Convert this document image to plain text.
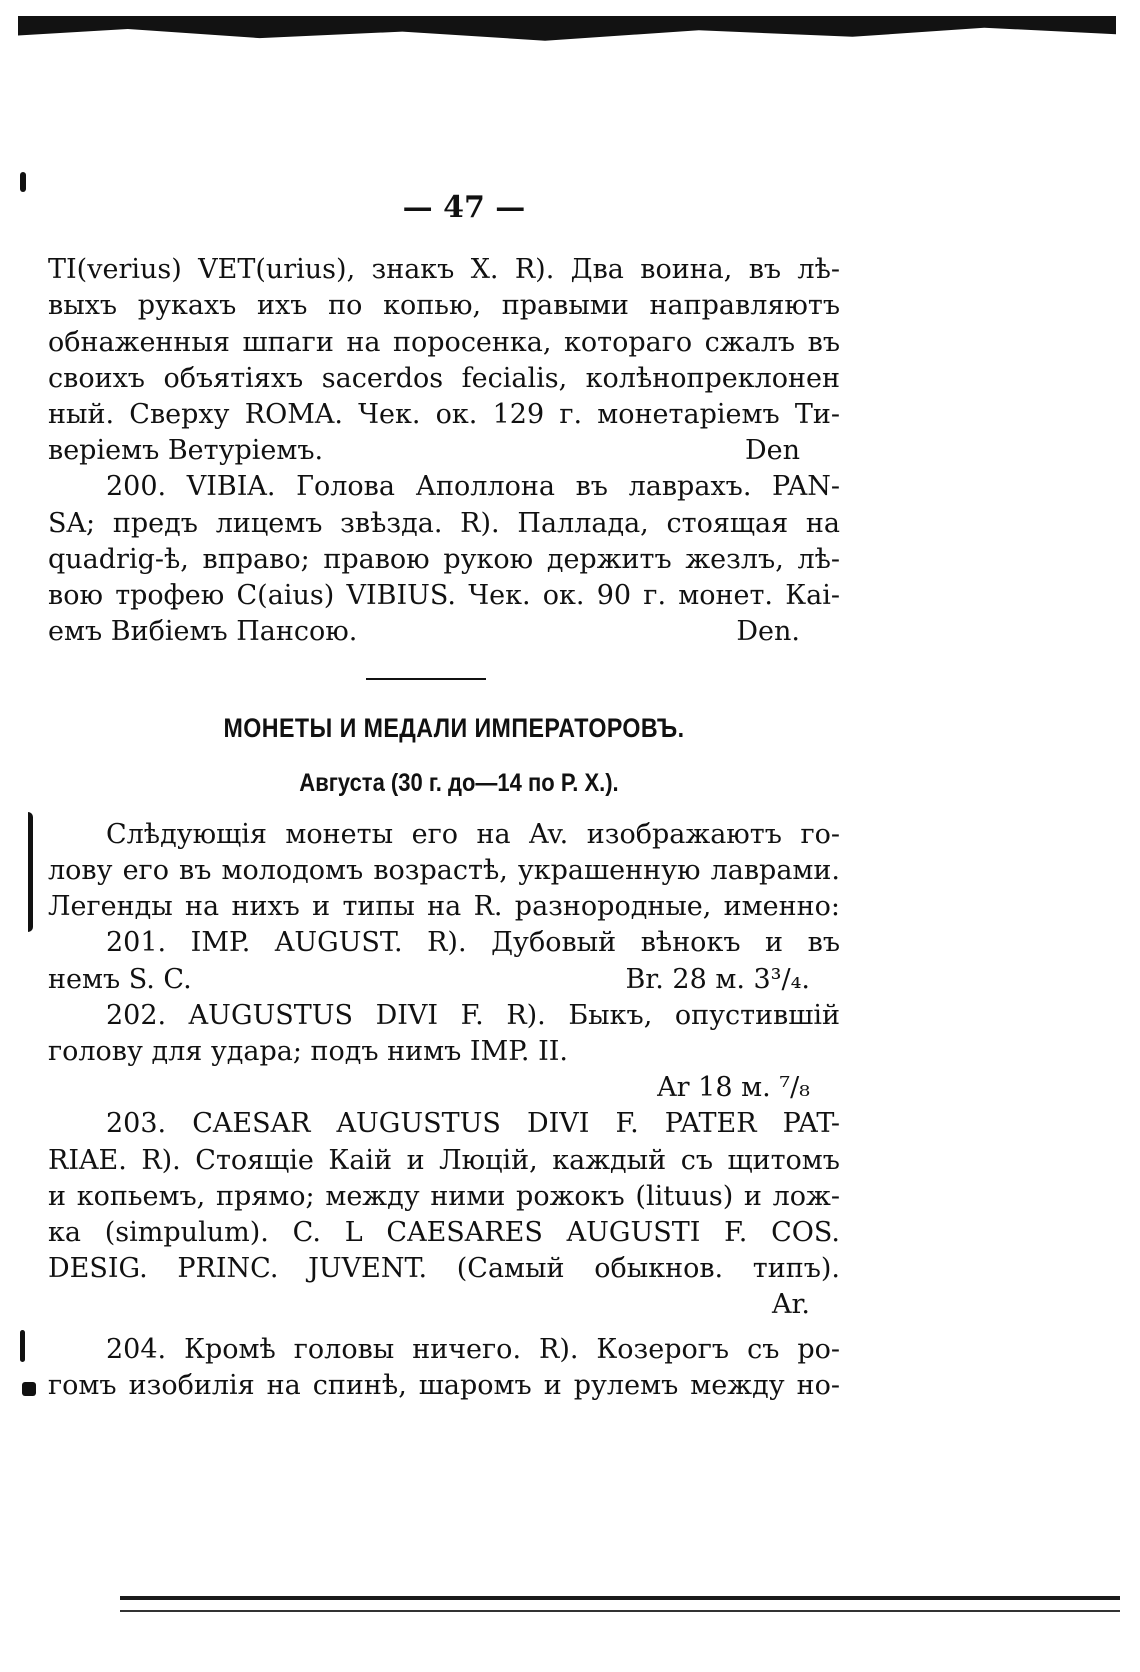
— 47 —
TI(verius) VET(urius), знакъ X. R). Два воина, въ лѣ-
выхъ рукахъ ихъ по копью, правыми направляютъ
обнаженныя шпаги на поросенка, котораго сжалъ въ
своихъ объятіяхъ sacerdos fecialis, колѣнопреклонен
ный. Сверху ROMA. Чек. ок. 129 г. монетаріемъ Ти-
веріемъ Ветуріемъ.	Den
200. VIBIA. Голова Аполлона въ лаврахъ. PAN-
SA; предъ лицемъ звѣзда. R). Паллада, стоящая на
quadrig-ѣ, вправо; правою рукою держитъ жезлъ, лѣ-
вою трофею C(aius) VIBIUS. Чек. ок. 90 г. монет. Каі-
емъ Вибіемъ Пансою.	Den.
МОНЕТЫ И МЕДАЛИ ИМПЕРАТОРОВЪ.
Августа (30 г. до—14 по Р. Х.).
Слѣдующія монеты его на Av. изображаютъ го-
лову его въ молодомъ возрастѣ, украшенную лаврами.
Легенды на нихъ и типы на R. разнородные, именно:
201. IMP. AUGUST. R). Дубовый вѣнокъ и въ
немъ S. C.	Br. 28 м. 3³/₄.
202. AUGUSTUS DIVI F. R). Быкъ, опустившій
голову для удара; подъ нимъ IMP. II.
Ar 18 м. ⁷/₈
203. CAESAR AUGUSTUS DIVI F. PATER PAT-
RIAE. R). Стоящіе Каій и Люцій, каждый съ щитомъ
и копьемъ, прямо; между ними рожокъ (lituus) и лож-
ка (simpulum). C. L CAESARES AUGUSTI F. COS.
DESIG. PRINC. JUVENT. (Самый обыкнов. типъ).
Ar.
204. Кромѣ головы ничего. R). Козерогъ съ ро-
гомъ изобилія на спинѣ, шаромъ и рулемъ между но-
